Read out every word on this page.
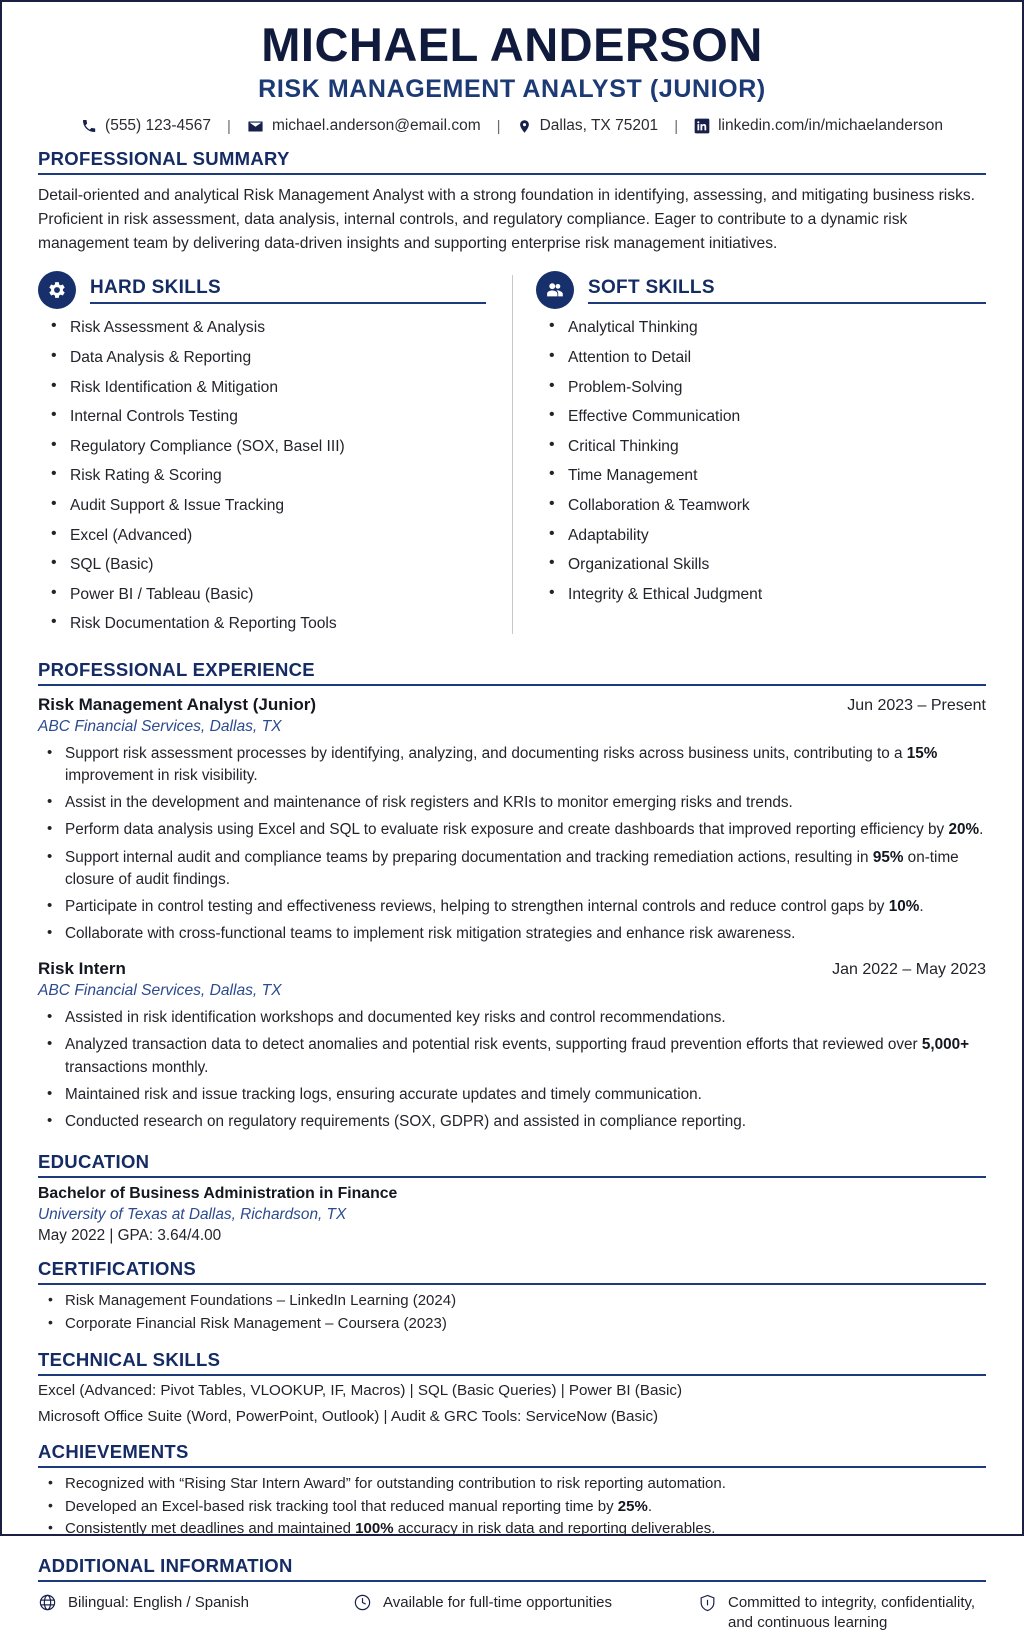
MICHAEL ANDERSON
RISK MANAGEMENT ANALYST (JUNIOR)
(555) 123-4567	|	michael.anderson@email.com	|	Dallas, TX 75201	|	linkedin.com/in/michaelanderson
PROFESSIONAL SUMMARY
Detail-oriented and analytical Risk Management Analyst with a strong foundation in identifying, assessing, and mitigating business risks. Proficient in risk assessment, data analysis, internal controls, and regulatory compliance. Eager to contribute to a dynamic risk management team by delivering data-driven insights and supporting enterprise risk management initiatives.
HARD SKILLS
• Risk Assessment & Analysis
• Data Analysis & Reporting
• Risk Identification & Mitigation
• Internal Controls Testing
• Regulatory Compliance (SOX, Basel III)
• Risk Rating & Scoring
• Audit Support & Issue Tracking
• Excel (Advanced)
• SQL (Basic)
• Power BI / Tableau (Basic)
• Risk Documentation & Reporting Tools
SOFT SKILLS
• Analytical Thinking
• Attention to Detail
• Problem-Solving
• Effective Communication
• Critical Thinking
• Time Management
• Collaboration & Teamwork
• Adaptability
• Organizational Skills
• Integrity & Ethical Judgment
PROFESSIONAL EXPERIENCE
Risk Management Analyst (Junior)	Jun 2023 – Present
ABC Financial Services, Dallas, TX
• Support risk assessment processes by identifying, analyzing, and documenting risks across business units, contributing to a 15% improvement in risk visibility.
• Assist in the development and maintenance of risk registers and KRIs to monitor emerging risks and trends.
• Perform data analysis using Excel and SQL to evaluate risk exposure and create dashboards that improved reporting efficiency by 20%.
• Support internal audit and compliance teams by preparing documentation and tracking remediation actions, resulting in 95% on-time closure of audit findings.
• Participate in control testing and effectiveness reviews, helping to strengthen internal controls and reduce control gaps by 10%.
• Collaborate with cross-functional teams to implement risk mitigation strategies and enhance risk awareness.
Risk Intern	Jan 2022 – May 2023
ABC Financial Services, Dallas, TX
• Assisted in risk identification workshops and documented key risks and control recommendations.
• Analyzed transaction data to detect anomalies and potential risk events, supporting fraud prevention efforts that reviewed over 5,000+ transactions monthly.
• Maintained risk and issue tracking logs, ensuring accurate updates and timely communication.
• Conducted research on regulatory requirements (SOX, GDPR) and assisted in compliance reporting.
EDUCATION
Bachelor of Business Administration in Finance
University of Texas at Dallas, Richardson, TX
May 2022 | GPA: 3.64/4.00
CERTIFICATIONS
• Risk Management Foundations – LinkedIn Learning (2024)
• Corporate Financial Risk Management – Coursera (2023)
TECHNICAL SKILLS
Excel (Advanced: Pivot Tables, VLOOKUP, IF, Macros) | SQL (Basic Queries) | Power BI (Basic)
Microsoft Office Suite (Word, PowerPoint, Outlook) | Audit & GRC Tools: ServiceNow (Basic)
ACHIEVEMENTS
• Recognized with “Rising Star Intern Award” for outstanding contribution to risk reporting automation.
• Developed an Excel-based risk tracking tool that reduced manual reporting time by 25%.
• Consistently met deadlines and maintained 100% accuracy in risk data and reporting deliverables.
ADDITIONAL INFORMATION
Bilingual: English / Spanish	Available for full-time opportunities	Committed to integrity, confidentiality, and continuous learning
